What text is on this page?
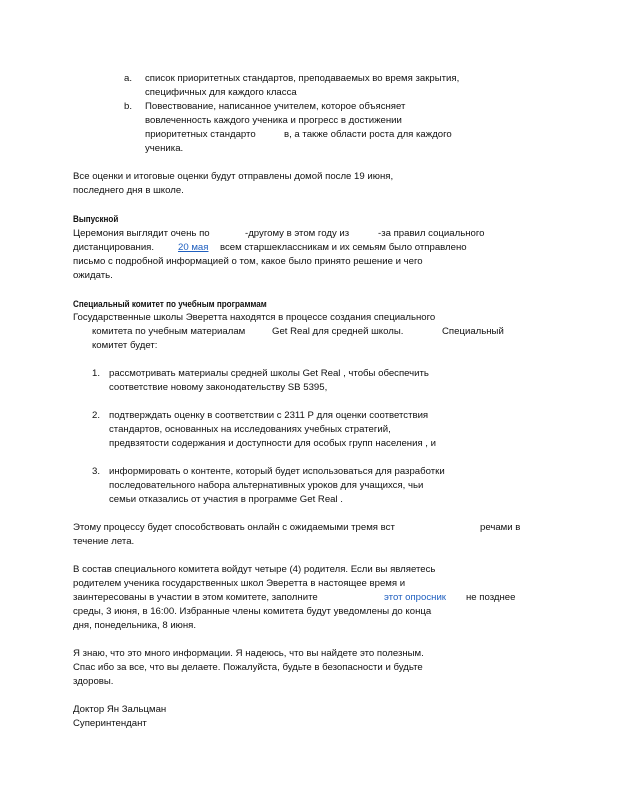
a. список приоритетных стандартов, преподаваемых во время закрытия,
специфичных для каждого класса
b. Повествование, написанное учителем, которое объясняет
вовлеченность каждого ученика и прогресс в достижении
приоритетных стандарто	в, а также области роста для каждого
ученика.
Все оценки и итоговые оценки будут отправлены домой после 19 июня,
последнего дня в школе.
Выпускной
Церемония выглядит очень по	-другому в этом году из	-за правил социального
дистанцирования. 20 мая всем старшеклассникам и их семьям было отправлено
письмо с подробной информацией о том, какое было принято решение и чего
ожидать.
Специальный комитет по учебным программам
Государственные школы Эверетта находятся в процессе создания специального
комитета по учебным материалам	Get Real для средней школы.	Специальный
комитет будет:
1. рассмотривать материалы средней школы Get Real , чтобы обеспечить
соответствие новому законодательству SB 5395,
2. подтверждать оценку в соответствии с 2311 Р для оценки соответствия
стандартов, основанных на исследованиях учебных стратегий,
предвзятости содержания и доступности для особых групп населения , и
3. информировать о контенте, который будет использоваться для разработки
последовательного набора альтернативных уроков для учащихся, чьи
семьи отказались от участия в программе Get Real .
Этому процессу будет способствовать онлайн с ожидаемыми тремя вст	речами в
течение лета.
В состав специального комитета войдут четыре (4) родителя. Если вы являетесь
родителем ученика государственных школ Эверетта в настоящее время и
заинтересованы в участии в этом комитете, заполните	этот опросник не позднее
среды, 3 июня, в 16:00. Избранные члены комитета будут уведомлены до конца
дня, понедельника, 8 июня.
Я знаю, что это много информации. Я надеюсь, что вы найдете это полезным.
Спас ибо за все, что вы делаете. Пожалуйста, будьте в безопасности и будьте
здоровы.
Доктор Ян Зальцман
Суперинтендант
